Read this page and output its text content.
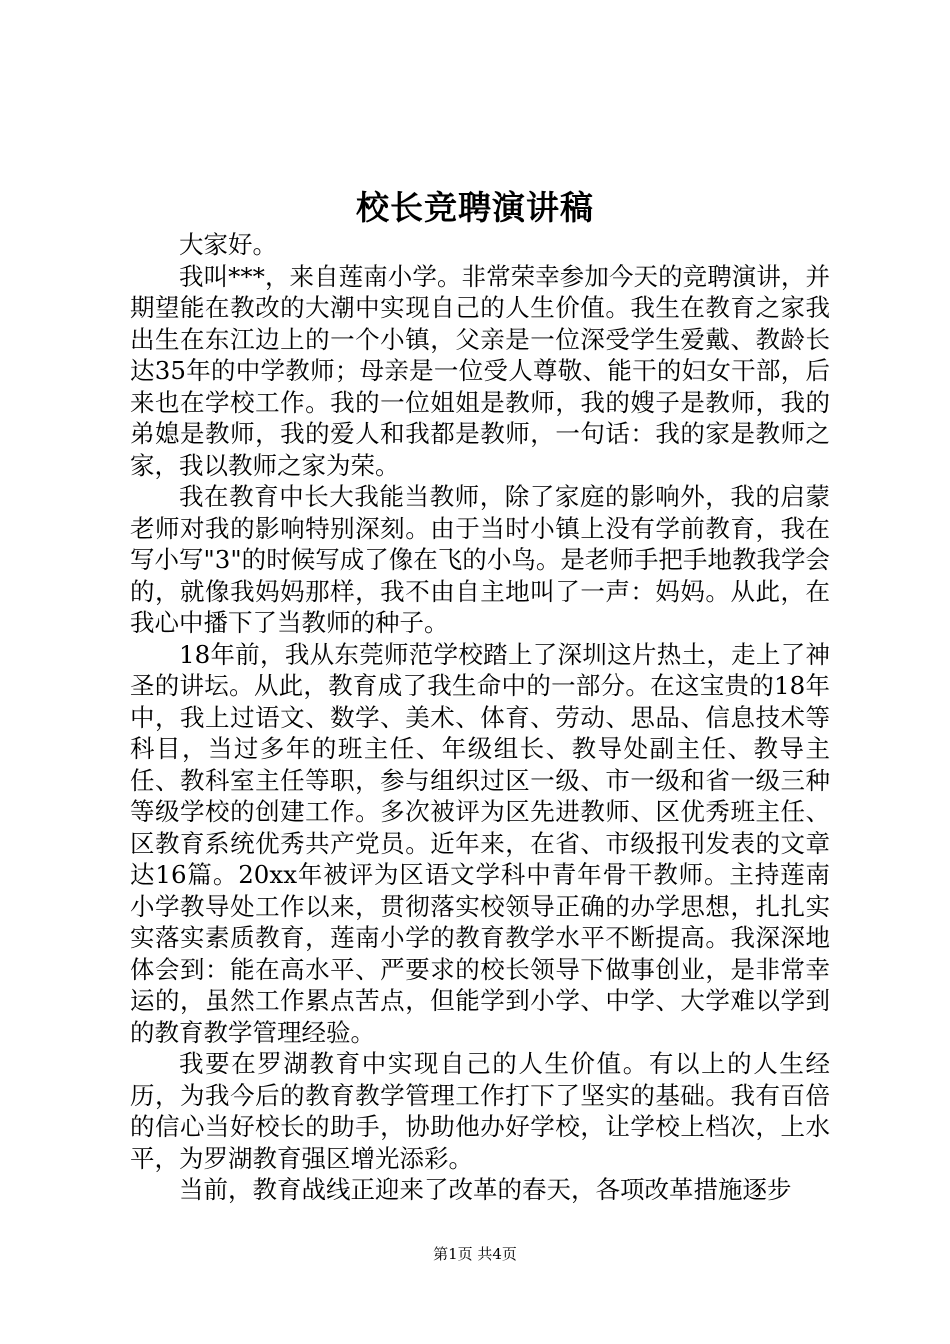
校长竞聘演讲稿

大家好。

我叫***，来自莲南小学。非常荣幸参加今天的竞聘演讲，并期望能在教改的大潮中实现自己的人生价值。我生在教育之家我出生在东江边上的一个小镇，父亲是一位深受学生爱戴、教龄长达35年的中学教师；母亲是一位受人尊敬、能干的妇女干部，后来也在学校工作。我的一位姐姐是教师，我的嫂子是教师，我的弟媳是教师，我的爱人和我都是教师，一句话：我的家是教师之家，我以教师之家为荣。

我在教育中长大我能当教师，除了家庭的影响外，我的启蒙老师对我的影响特别深刻。由于当时小镇上没有学前教育，我在写小写"3"的时候写成了像在飞的小鸟。是老师手把手地教我学会的，就像我妈妈那样，我不由自主地叫了一声：妈妈。从此，在我心中播下了当教师的种子。

18年前，我从东莞师范学校踏上了深圳这片热土，走上了神圣的讲坛。从此，教育成了我生命中的一部分。在这宝贵的18年中，我上过语文、数学、美术、体育、劳动、思品、信息技术等科目，当过多年的班主任、年级组长、教导处副主任、教导主任、教科室主任等职，参与组织过区一级、市一级和省一级三种等级学校的创建工作。多次被评为区先进教师、区优秀班主任、区教育系统优秀共产党员。近年来，在省、市级报刊发表的文章达16篇。20xx年被评为区语文学科中青年骨干教师。主持莲南小学教导处工作以来，贯彻落实校领导正确的办学思想，扎扎实实落实素质教育，莲南小学的教育教学水平不断提高。我深深地体会到：能在高水平、严要求的校长领导下做事创业，是非常幸运的，虽然工作累点苦点，但能学到小学、中学、大学难以学到的教育教学管理经验。

我要在罗湖教育中实现自己的人生价值。有以上的人生经历，为我今后的教育教学管理工作打下了坚实的基础。我有百倍的信心当好校长的助手，协助他办好学校，让学校上档次，上水平，为罗湖教育强区增光添彩。

当前，教育战线正迎来了改革的春天，各项改革措施逐步

第1页 共4页
